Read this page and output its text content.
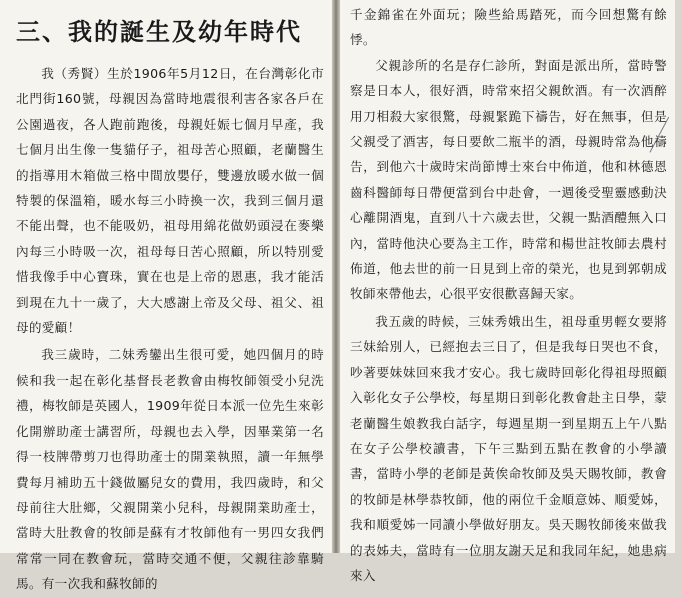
三、我的誕生及幼年時代

我（秀賢）生於1906年5月12日，在台灣彰化市北門街160號，母親因為當時地震很利害各家各戶在公園過夜，各人跑前跑後，母親妊娠七個月早產，我七個月出生像一隻貓仔子，祖母苦心照顧，老蘭醫生的指導用木箱做三格中間放嬰仔，雙邊放暖水做一個特製的保溫箱，暖水每三小時換一次，我到三個月還不能出聲，也不能吸奶，祖母用綿花做奶頭浸在麥樂內每三小時吸一次，祖母每日苦心照顧，所以特別愛惜我像手中心寶珠，實在也是上帝的恩惠，我才能活到現在九十一歲了，大大感謝上帝及父母、祖父、祖母的愛顧！

我三歲時，二妹秀鑾出生很可愛，她四個月的時候和我一起在彰化基督長老教會由梅牧師領受小兒洗禮，梅牧師是英國人，1909年從日本派一位先生來彰化開辦助產士講習所，母親也去入學，因畢業第一名得一枝牌帶剪刀也得助產士的開業執照，讀一年無學費每月補助五十錢做屬兒女的費用，我四歲時，和父母前往大肚鄉，父親開業小兒科，母親開業助產士，當時大肚教會的牧師是蘇有才牧師他有一男四女我們常常一同在教會玩，當時交通不便，父親往診靠騎馬。有一次我和蘇牧師的

千金錦雀在外面玩；險些給馬踏死，而今回想驚有餘悸。

父親診所的名是存仁診所，對面是派出所，當時警察是日本人，很好酒，時常來招父親飲酒。有一次酒醉用刀相殺大家很驚，母親緊跪下禱告，好在無事，但是父親受了酒害，每日要飲二瓶半的酒，母親時常為他禱告，到他六十歲時宋尚節博士來台中佈道，他和林德恩齒科醫師每日帶便當到台中赴會，一週後受聖靈感動決心離開酒鬼，直到八十六歲去世，父親一點酒醴無入口內，當時他決心要為主工作，時常和楊世註牧師去農村佈道，他去世的前一日見到上帝的榮光，也見到郭朝成牧師來帶他去，心很平安很歡喜歸天家。

我五歲的時候，三妹秀娥出生，祖母重男輕女要將三妹給別人，已經抱去三日了，但是我每日哭也不食，吵著要妹妹回來我才安心。我七歲時回彰化得祖母照顧入彰化女子公學校，每星期日到彰化教會赴主日學，蒙老蘭醫生娘教我白話字，每週星期一到星期五上午八點在女子公學校讀書，下午三點到五點在教會的小學讀書，當時小學的老師是黃俟命牧師及吳天賜牧師，教會的牧師是林學恭牧師，他的兩位千金順意姊、順愛姊，我和順愛姊一同讀小學做好朋友。吳天賜牧師後來做我的表姊夫，當時有一位朋友謝天足和我同年紀，她患病來入
